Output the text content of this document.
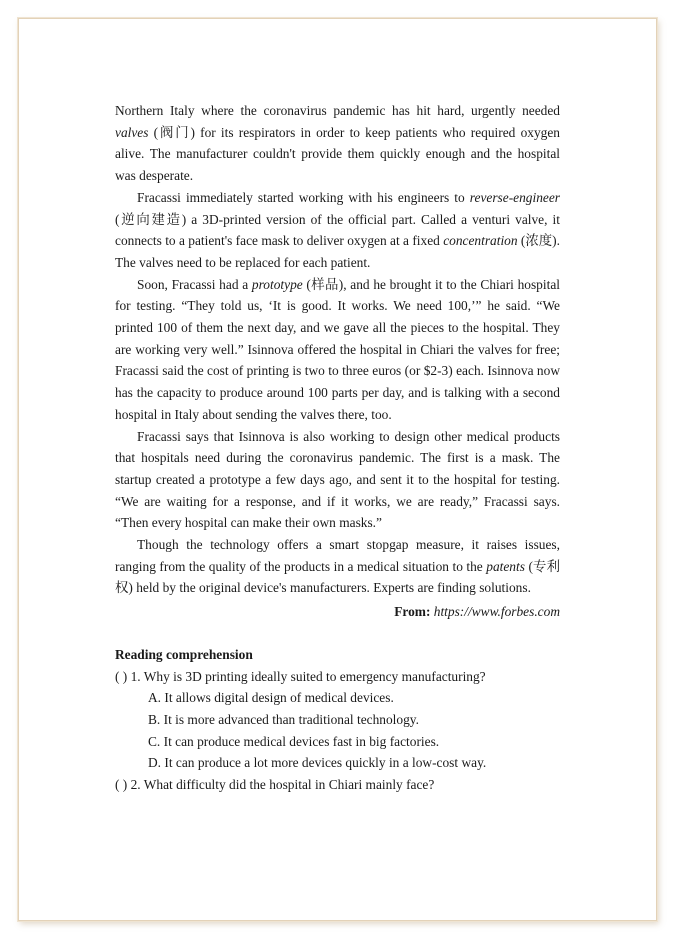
Northern Italy where the coronavirus pandemic has hit hard, urgently needed valves (阀门) for its respirators in order to keep patients who required oxygen alive. The manufacturer couldn't provide them quickly enough and the hospital was desperate.

Fracassi immediately started working with his engineers to reverse-engineer (逆向建造) a 3D-printed version of the official part. Called a venturi valve, it connects to a patient's face mask to deliver oxygen at a fixed concentration (浓度). The valves need to be replaced for each patient.

Soon, Fracassi had a prototype (样品), and he brought it to the Chiari hospital for testing. “They told us, ‘It is good. It works. We need 100,’” he said. “We printed 100 of them the next day, and we gave all the pieces to the hospital. They are working very well.” Isinnova offered the hospital in Chiari the valves for free; Fracassi said the cost of printing is two to three euros (or $2-3) each. Isinnova now has the capacity to produce around 100 parts per day, and is talking with a second hospital in Italy about sending the valves there, too.

Fracassi says that Isinnova is also working to design other medical products that hospitals need during the coronavirus pandemic. The first is a mask. The startup created a prototype a few days ago, and sent it to the hospital for testing. “We are waiting for a response, and if it works, we are ready,” Fracassi says. “Then every hospital can make their own masks.”

Though the technology offers a smart stopgap measure, it raises issues, ranging from the quality of the products in a medical situation to the patents (专利权) held by the original device's manufacturers. Experts are finding solutions.

From: https://www.forbes.com

Reading comprehension
( ) 1. Why is 3D printing ideally suited to emergency manufacturing?
A. It allows digital design of medical devices.
B. It is more advanced than traditional technology.
C. It can produce medical devices fast in big factories.
D. It can produce a lot more devices quickly in a low-cost way.
( ) 2. What difficulty did the hospital in Chiari mainly face?
